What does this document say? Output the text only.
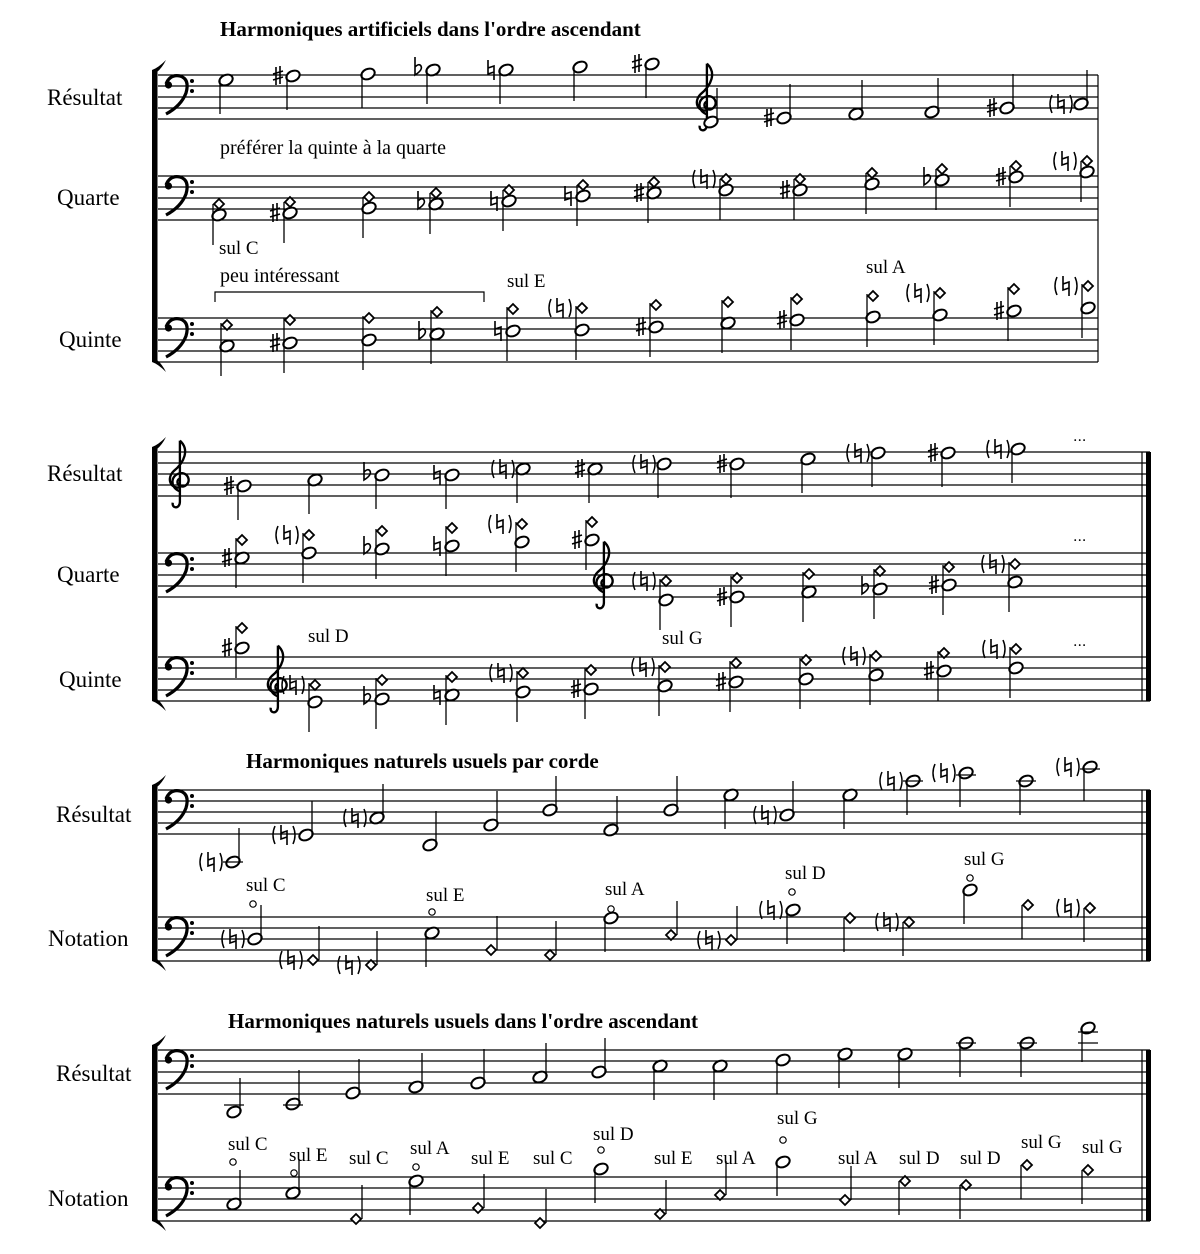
Harmoniques artificiels dans l'ordre ascendant
Harmoniques naturels usuels par corde
Harmoniques naturels usuels dans l'ordre ascendant
Résultat
Quarte
Quinte
Résultat
Quarte
Quinte
Résultat
Notation
Résultat
Notation
préférer la quinte à la quarte
sul C
peu intéressant	sul E
sul A
sul D	sul G
...
...
...
sul C	sul E	sul A
sul D
sul G
sul C
sul E sul C sul A sul E sul C
sul D
sul E sul A
sul G
sul A sul D sul D
sul G sul G
